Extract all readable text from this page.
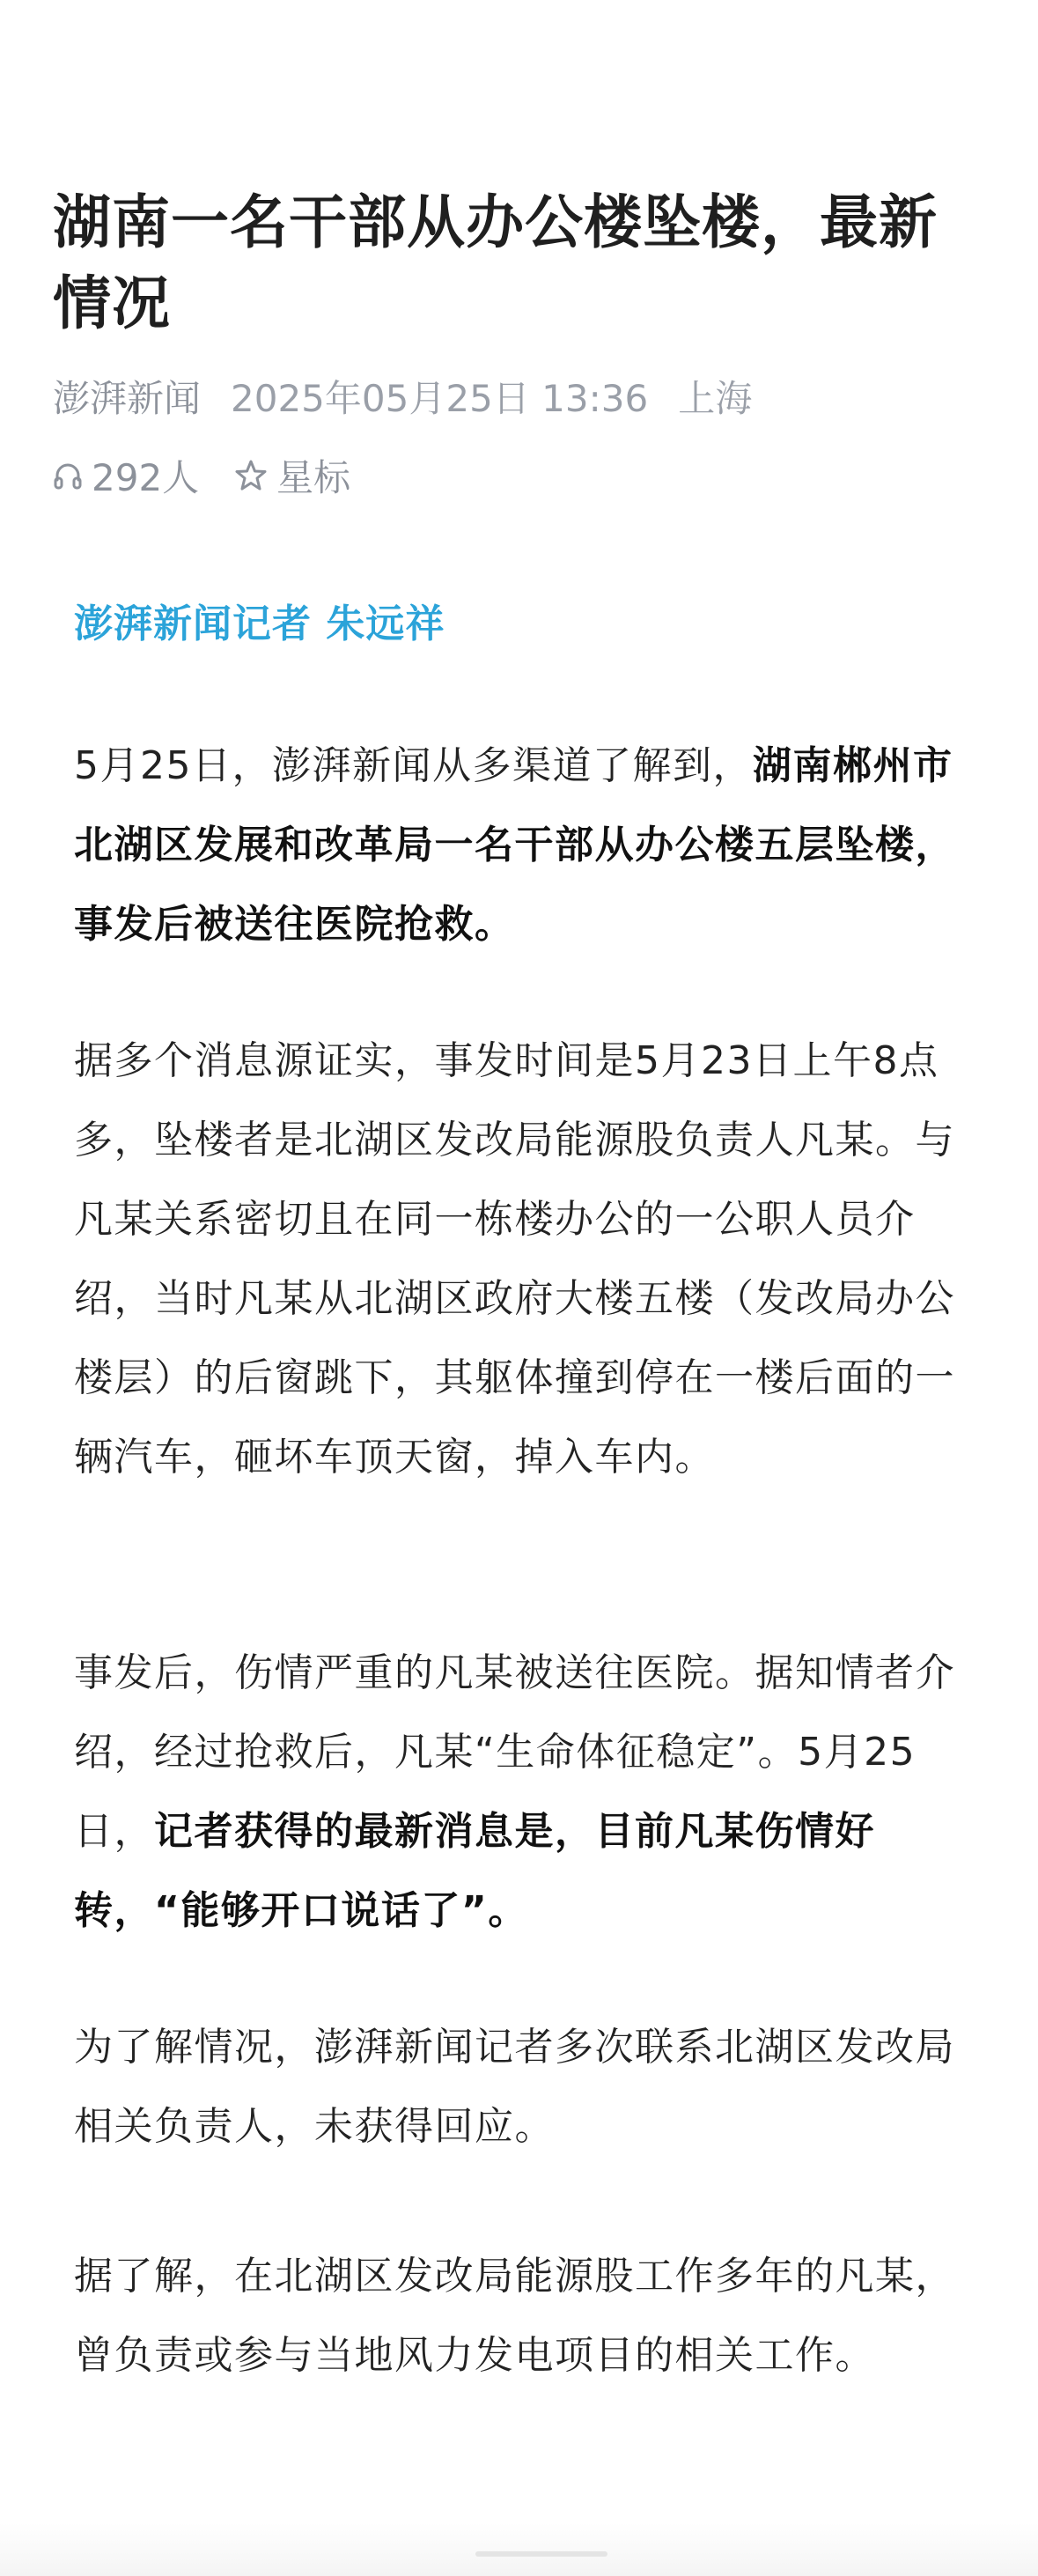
湖南一名干部从办公楼坠楼，最新情况
澎湃新闻 2025年05月25日 13:36 上海
292人 星标
澎湃新闻记者 朱远祥

5月25日，澎湃新闻从多渠道了解到，湖南郴州市北湖区发展和改革局一名干部从办公楼五层坠楼，事发后被送往医院抢救。

据多个消息源证实，事发时间是5月23日上午8点多，坠楼者是北湖区发改局能源股负责人凡某。与凡某关系密切且在同一栋楼办公的一公职人员介绍，当时凡某从北湖区政府大楼五楼（发改局办公楼层）的后窗跳下，其躯体撞到停在一楼后面的一辆汽车，砸坏车顶天窗，掉入车内。

事发后，伤情严重的凡某被送往医院。据知情者介绍，经过抢救后，凡某“生命体征稳定”。5月25日，记者获得的最新消息是，目前凡某伤情好转，“能够开口说话了”。

为了解情况，澎湃新闻记者多次联系北湖区发改局相关负责人，未获得回应。

据了解，在北湖区发改局能源股工作多年的凡某，曾负责或参与当地风力发电项目的相关工作。
